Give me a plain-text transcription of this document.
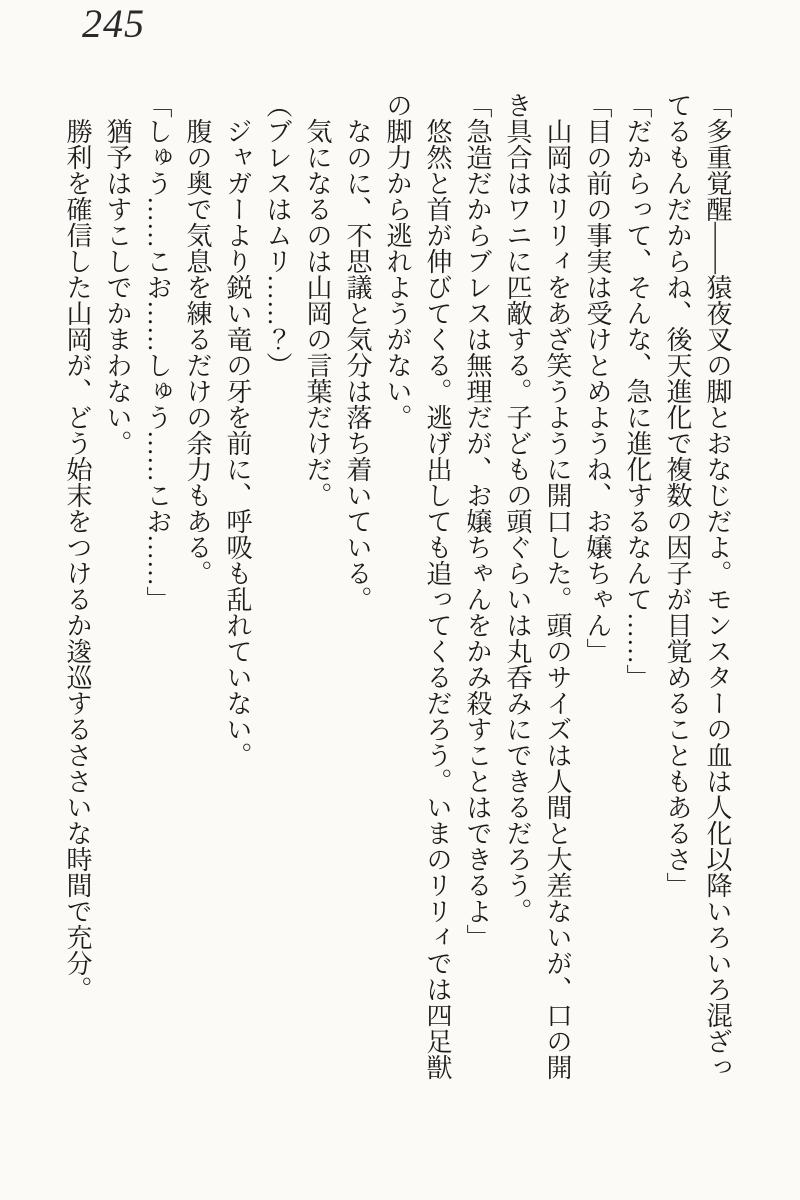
245

「多重覚醒――猿夜叉の脚とおなじだよ。モンスターの血は人化以降いろいろ混ざってるもんだからね、後天進化で複数の因子が目覚めることもあるさ」

「だからって、そんな、急に進化するなんて……」

「目の前の事実は受けとめようね、お嬢ちゃん」

山岡はリリィをあざ笑うように開口した。頭のサイズは人間と大差ないが、口の開き具合はワニに匹敵する。子どもの頭ぐらいは丸呑みにできるだろう。

「急造だからブレスは無理だが、お嬢ちゃんをかみ殺すことはできるよ」

悠然と首が伸びてくる。逃げ出しても追ってくるだろう。いまのリリィでは四足獣の脚力から逃れようがない。

なのに、不思議と気分は落ち着いている。

気になるのは山岡の言葉だけだ。

（ブレスはムリ……？）

ジャガーより鋭い竜の牙を前に、呼吸も乱れていない。

腹の奥で気息を練るだけの余力もある。

「しゅう……こお……しゅう……こお……」

猶予はすこしでかまわない。

勝利を確信した山岡が、どう始末をつけるか逡巡するささいな時間で充分。
